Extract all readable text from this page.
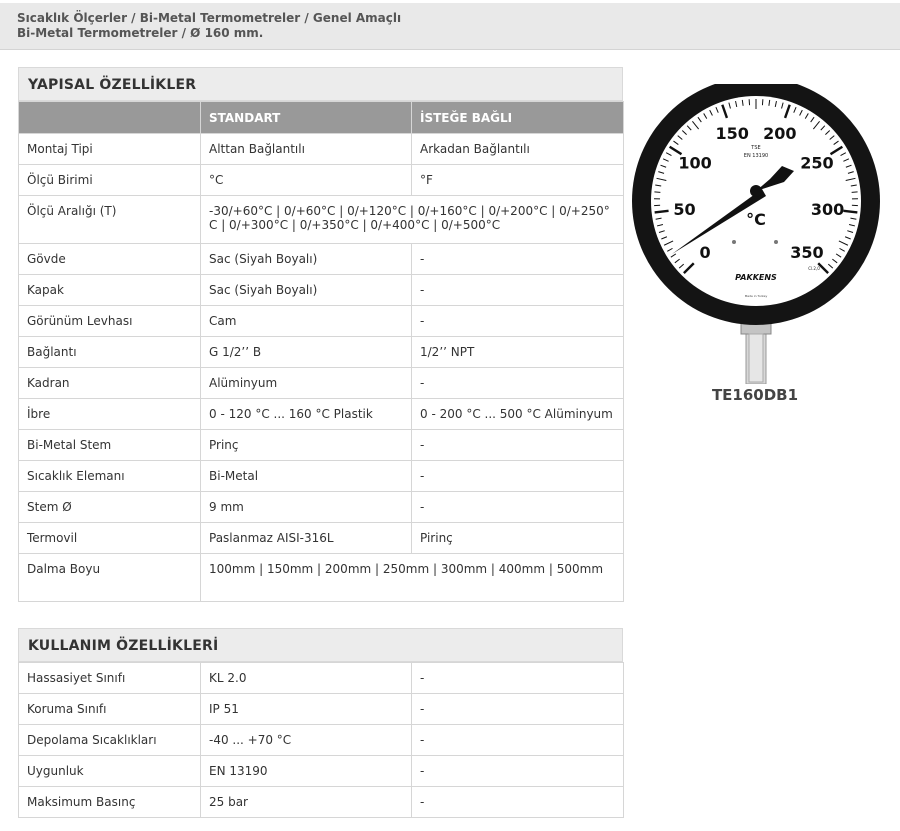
Sıcaklık Ölçerler / Bi-Metal Termometreler / Genel Amaçlı
Bi-Metal Termometreler / Ø 160 mm.
YAPISAL ÖZELLİKLER
	STANDART	İSTEĞE BAĞLI
Montaj Tipi	Alttan Bağlantılı	Arkadan Bağlantılı
Ölçü Birimi	°C	°F
Ölçü Aralığı (T)	-30/+60°C | 0/+60°C | 0/+120°C | 0/+160°C | 0/+200°C | 0/+250°C | 0/+300°C | 0/+350°C | 0/+400°C | 0/+500°C	
Gövde	Sac (Siyah Boyalı)	-
Kapak	Sac (Siyah Boyalı)	-
Görünüm Levhası	Cam	-
Bağlantı	G 1/2’’ B	1/2’’ NPT
Kadran	Alüminyum	-
İbre	0 - 120 °C ... 160 °C Plastik	0 - 200 °C ... 500 °C Alüminyum
Bi-Metal Stem	Prinç	-
Sıcaklık Elemanı	Bi-Metal	-
Stem Ø	9 mm	-
Termovil	Paslanmaz AISI-316L	Pirinç
Dalma Boyu	100mm | 150mm | 200mm | 250mm | 300mm | 400mm | 500mm	
KULLANIM ÖZELLİKLERİ
Hassasiyet Sınıfı	KL 2.0	-
Koruma Sınıfı	IP 51	-
Depolama Sıcaklıkları	-40 ... +70 °C	-
Uygunluk	EN 13190	-
Maksimum Basınç	25 bar	-
0
50
100
150 200
250
300
350
°C
TSE
EN 13190
PAKKENS
Cl.2,0
Made in Turkey
TE160DB1
